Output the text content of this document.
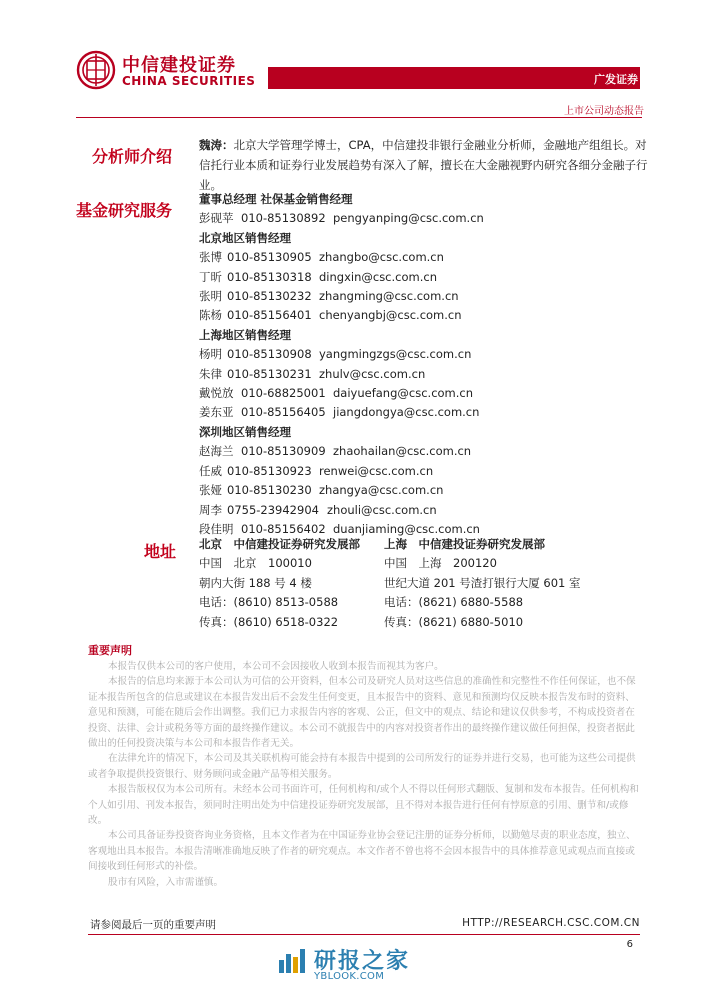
中信建投证券
CHINA SECURITIES	广发证券
上市公司动态报告
分析师介绍
魏涛：北京大学管理学博士，CPA，中信建投非银行金融业分析师，金融地产组组长。对信托行业本质和证券行业发展趋势有深入了解，擅长在大金融视野内研究各细分金融子行业。
基金研究服务
董事总经理 社保基金销售经理
彭砚苹 010-85130892 pengyanping@csc.com.cn
北京地区销售经理
张博 010-85130905 zhangbo@csc.com.cn
丁昕 010-85130318 dingxin@csc.com.cn
张明 010-85130232 zhangming@csc.com.cn
陈杨 010-85156401 chenyangbj@csc.com.cn
上海地区销售经理
杨明 010-85130908 yangmingzgs@csc.com.cn
朱律 010-85130231 zhulv@csc.com.cn
戴悦放 010-68825001 daiyuefang@csc.com.cn
姜东亚 010-85156405 jiangdongya@csc.com.cn
深圳地区销售经理
赵海兰 010-85130909 zhaohailan@csc.com.cn
任威 010-85130923 renwei@csc.com.cn
张娅 010-85130230 zhangya@csc.com.cn
周李 0755-23942904 zhouli@csc.com.cn
段佳明 010-85156402 duanjiaming@csc.com.cn
地址 北京　中信建投证券研究发展部
中国　北京　100010
朝内大街 188 号 4 楼
电话：(8610) 8513-0588
传真：(8610) 6518-0322
上海　中信建投证券研究发展部
中国　上海　200120
世纪大道 201 号渣打银行大厦 601 室
电话：(8621) 6880-5588
传真：(8621) 6880-5010
重要声明

本报告仅供本公司的客户使用，本公司不会因接收人收到本报告而视其为客户。

本报告的信息均来源于本公司认为可信的公开资料，但本公司及研究人员对这些信息的准确性和完整性不作任何保证，也不保证本报告所包含的信息或建议在本报告发出后不会发生任何变更，且本报告中的资料、意见和预测均仅反映本报告发布时的资料、意见和预测，可能在随后会作出调整。我们已力求报告内容的客观、公正，但文中的观点、结论和建议仅供参考，不构成投资者在投资、法律、会计或税务等方面的最终操作建议。本公司不就报告中的内容对投资者作出的最终操作建议做任何担保，投资者据此做出的任何投资决策与本公司和本报告作者无关。

在法律允许的情况下，本公司及其关联机构可能会持有本报告中提到的公司所发行的证券并进行交易，也可能为这些公司提供或者争取提供投资银行、财务顾问或金融产品等相关服务。

本报告版权仅为本公司所有。未经本公司书面许可，任何机构和/或个人不得以任何形式翻版、复制和发布本报告。任何机构和个人如引用、刊发本报告，须同时注明出处为中信建投证券研究发展部，且不得对本报告进行任何有悖原意的引用、删节和/或修改。

本公司具备证券投资咨询业务资格，且本文作者为在中国证券业协会登记注册的证券分析师，以勤勉尽责的职业态度，独立、客观地出具本报告。本报告清晰准确地反映了作者的研究观点。本文作者不曾也将不会因本报告中的具体推荐意见或观点而直接或间接收到任何形式的补偿。

股市有风险，入市需谨慎。

请参阅最后一页的重要声明	HTTP://RESEARCH.CSC.COM.CN
6
研报之家
YBLOOK.COM
